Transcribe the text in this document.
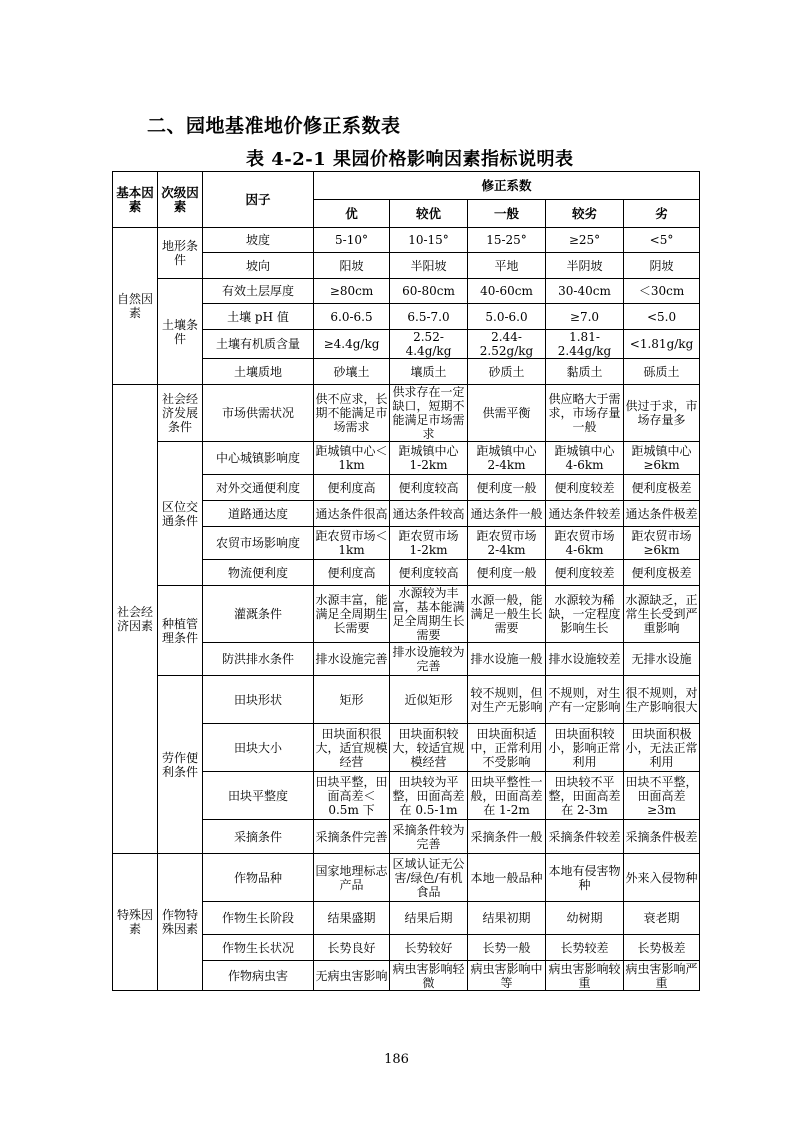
二、园地基准地价修正系数表
表 4-2-1 果园价格影响因素指标说明表
基本因素	次级因素	因子	修正系数				
			优	较优	一般	较劣	劣
自然因素	地形条件	坡度	5-10°	10-15°	15-25°	≥25°	<5°
		坡向	阳坡	半阳坡	平地	半阴坡	阴坡
	土壤条件	有效土层厚度	≥80cm	60-80cm	40-60cm	30-40cm	＜30cm
		土壤 pH 值	6.0-6.5	6.5-7.0	5.0-6.0	≥7.0	<5.0
		土壤有机质含量	≥4.4g/kg	2.52-4.4g/kg	2.44-2.52g/kg	1.81-2.44g/kg	<1.81g/kg
		土壤质地	砂壤土	壤质土	砂质土	黏质土	砾质土
社会经济因素	社会经济发展条件	市场供需状况	供不应求，长期不能满足市场需求	供求存在一定缺口，短期不能满足市场需求	供需平衡	供应略大于需求，市场存量一般	供过于求，市场存量多
	区位交通条件	中心城镇影响度	距城镇中心＜1km	距城镇中心 1-2km	距城镇中心 2-4km	距城镇中心 4-6km	距城镇中心 ≥6km
		对外交通便利度	便利度高	便利度较高	便利度一般	便利度较差	便利度极差
		道路通达度	通达条件很高	通达条件较高	通达条件一般	通达条件较差	通达条件极差
		农贸市场影响度	距农贸市场＜1km	距农贸市场 1-2km	距农贸市场 2-4km	距农贸市场 4-6km	距农贸市场 ≥6km
		物流便利度	便利度高	便利度较高	便利度一般	便利度较差	便利度极差
	种植管理条件	灌溉条件	水源丰富，能满足全周期生长需要	水源较为丰富，基本能满足全周期生长需要	水源一般，能满足一般生长需要	水源较为稀缺，一定程度影响生长	水源缺乏，正常生长受到严重影响
		防洪排水条件	排水设施完善	排水设施较为完善	排水设施一般	排水设施较差	无排水设施
	劳作便利条件	田块形状	矩形	近似矩形	较不规则，但对生产无影响	不规则，对生产有一定影响	很不规则，对生产影响很大
		田块大小	田块面积很大，适宜规模经营	田块面积较大，较适宜规模经营	田块面积适中，正常利用不受影响	田块面积较小，影响正常利用	田块面积极小，无法正常利用
		田块平整度	田块平整，田面高差＜0.5m 下	田块较为平整，田面高差在 0.5-1m	田块平整性一般，田面高差在 1-2m	田块较不平整，田面高差在 2-3m	田块不平整，田面高差≥3m
		采摘条件	采摘条件完善	采摘条件较为完善	采摘条件一般	采摘条件较差	采摘条件极差
特殊因素	作物特殊因素	作物品种	国家地理标志产品	区域认证无公害/绿色/有机食品	本地一般品种	本地有侵害物种	外来入侵物种
		作物生长阶段	结果盛期	结果后期	结果初期	幼树期	衰老期
		作物生长状况	长势良好	长势较好	长势一般	长势较差	长势极差
		作物病虫害	无病虫害影响	病虫害影响轻微	病虫害影响中等	病虫害影响较重	病虫害影响严重
186
